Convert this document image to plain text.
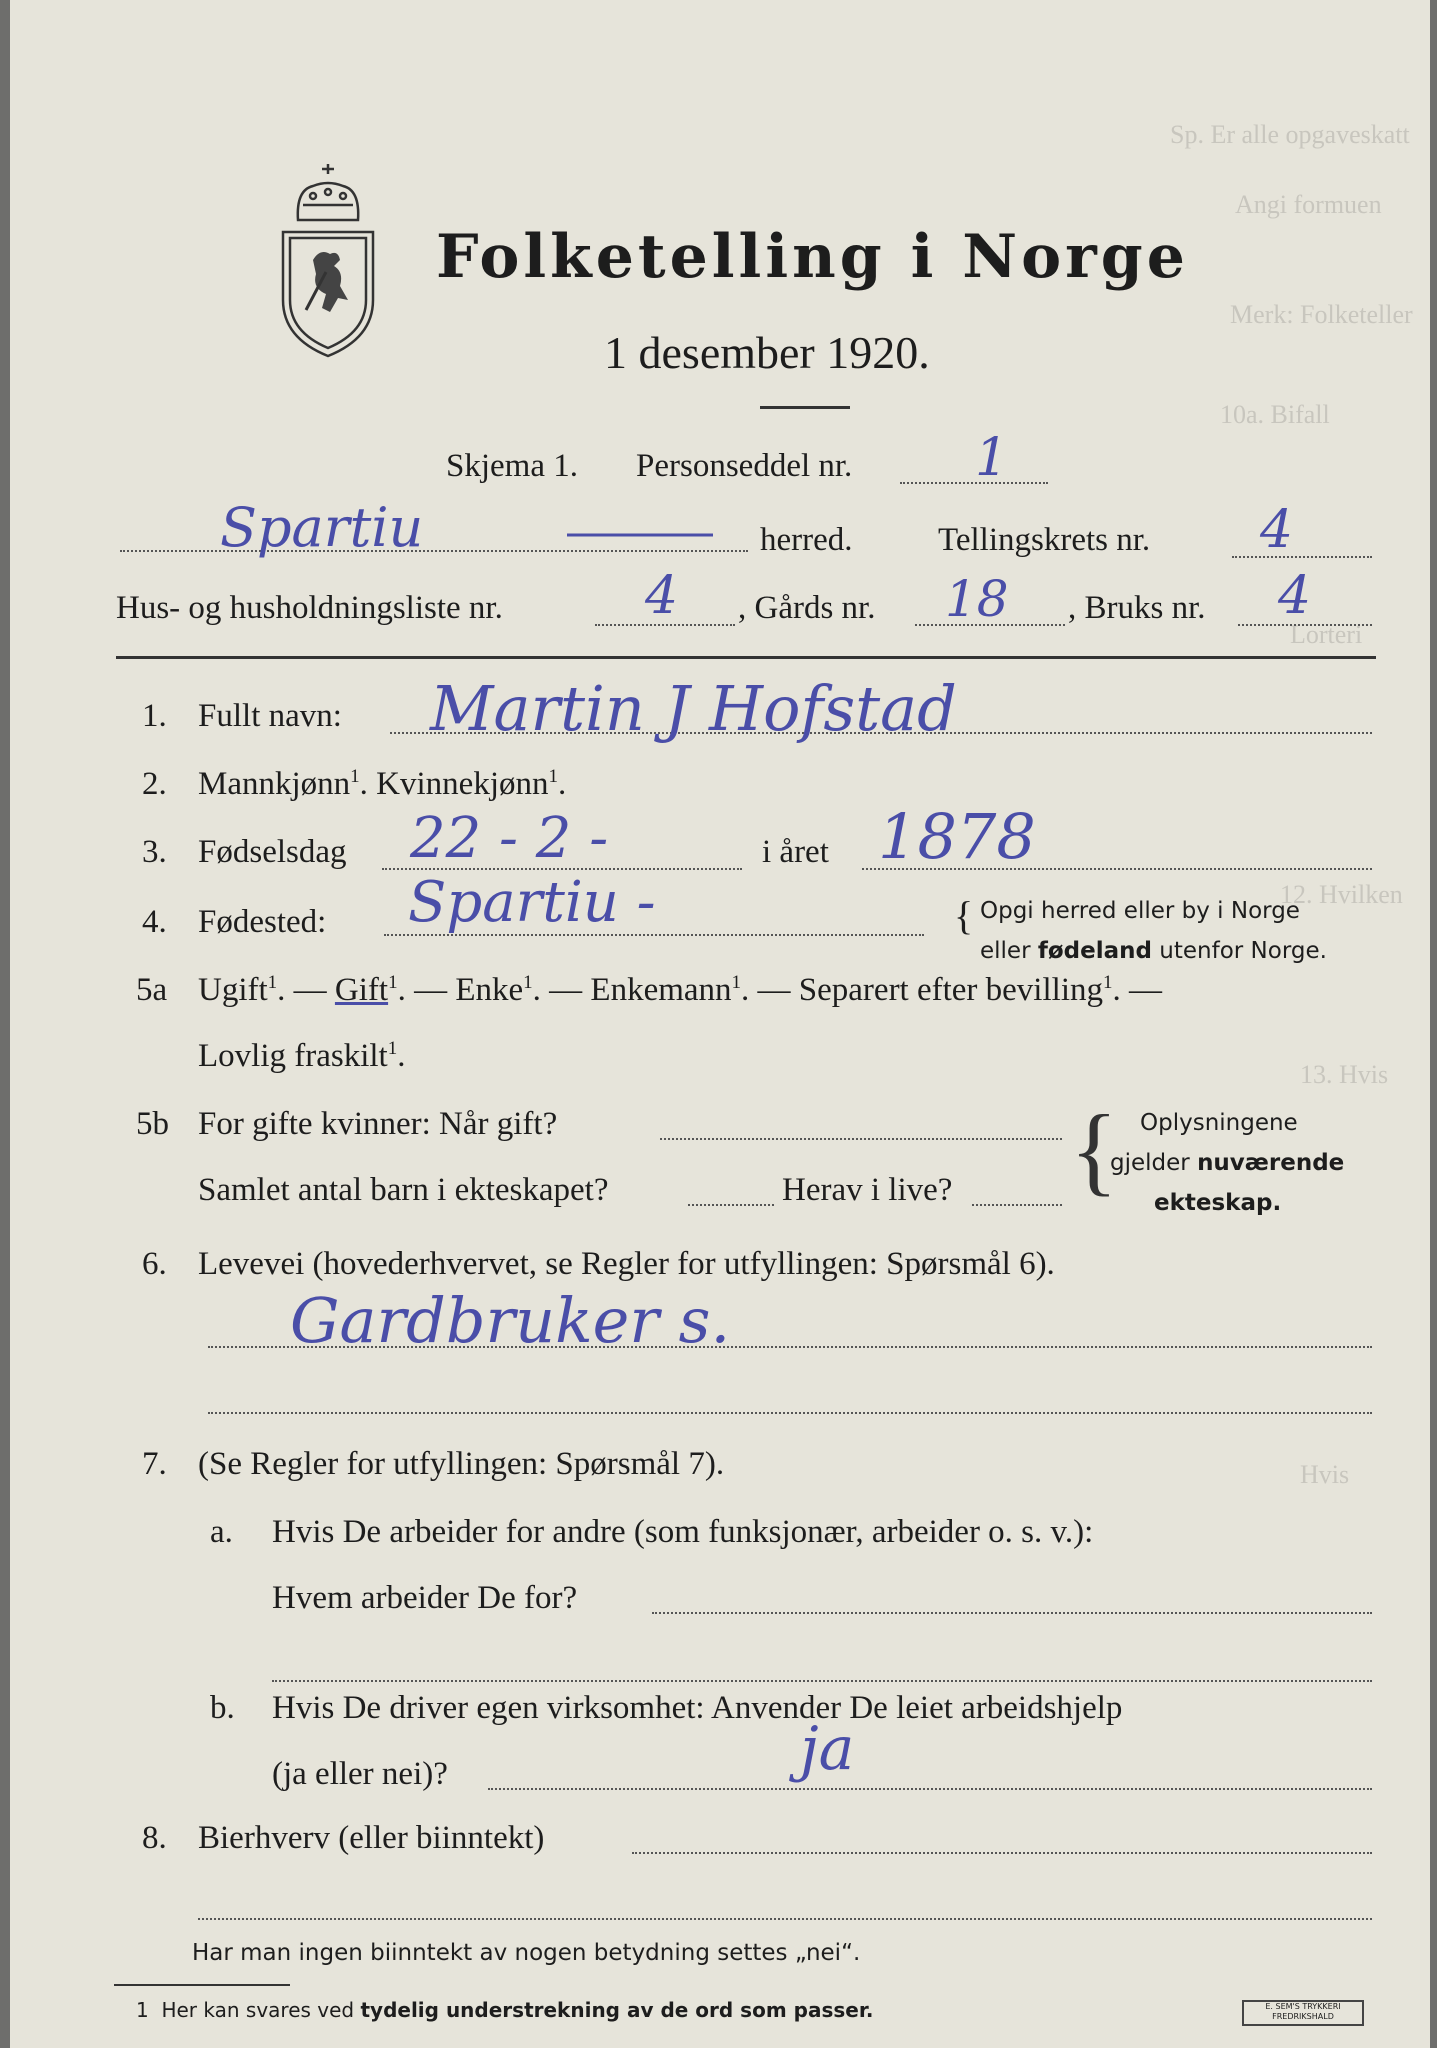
Sp. Er alle opgaveskatt
Angi formuen
Merk: Folketeller
10a. Bifall
Lorteri
12. Hvilken
13. Hvis
Hvis
Folketelling i Norge
1 desember 1920.
Skjema 1. Personseddel nr. 1
Spartiu	herred.	Tellingskrets nr. 4
Hus- og husholdningsliste nr.	4 , Gårds nr. 18 , Bruks nr. 4
1. Fullt navn: Martin J Hofstad
2. Mannkjønn$^1$. Kvinnekjønn$^1$.
3. Fødselsdag 22 - 2 -	i året 1878
4. Fødested: Spartiu -	{ Opgi herred eller by i Norge
eller fødeland utenfor Norge.
5a Ugift$^1$. — Gift$^1$. — Enke$^1$. — Enkemann$^1$. — Separert efter bevilling$^1$. —
Lovlig fraskilt$^1$.
5b For gifte kvinner: Når gift?
Samlet antal barn i ekteskapet?	Herav i live? { Oplysningene
gjelder nuværende
ekteskap.
6. Levevei (hovederhvervet, se Regler for utfyllingen: Spørsmål 6).
Gardbruker s.
7. (Se Regler for utfyllingen: Spørsmål 7).
a. Hvis De arbeider for andre (som funksjonær, arbeider o. s. v.):
Hvem arbeider De for?
b. Hvis De driver egen virksomhet: Anvender De leiet arbeidshjelp
(ja eller nei)?	ja
8. Bierhverv (eller biinntekt)
Har man ingen biinntekt av nogen betydning settes „nei“.
1 Her kan svares ved tydelig understrekning av de ord som passer.	E. SEM'S TRYKKERI FREDRIKSHALD
